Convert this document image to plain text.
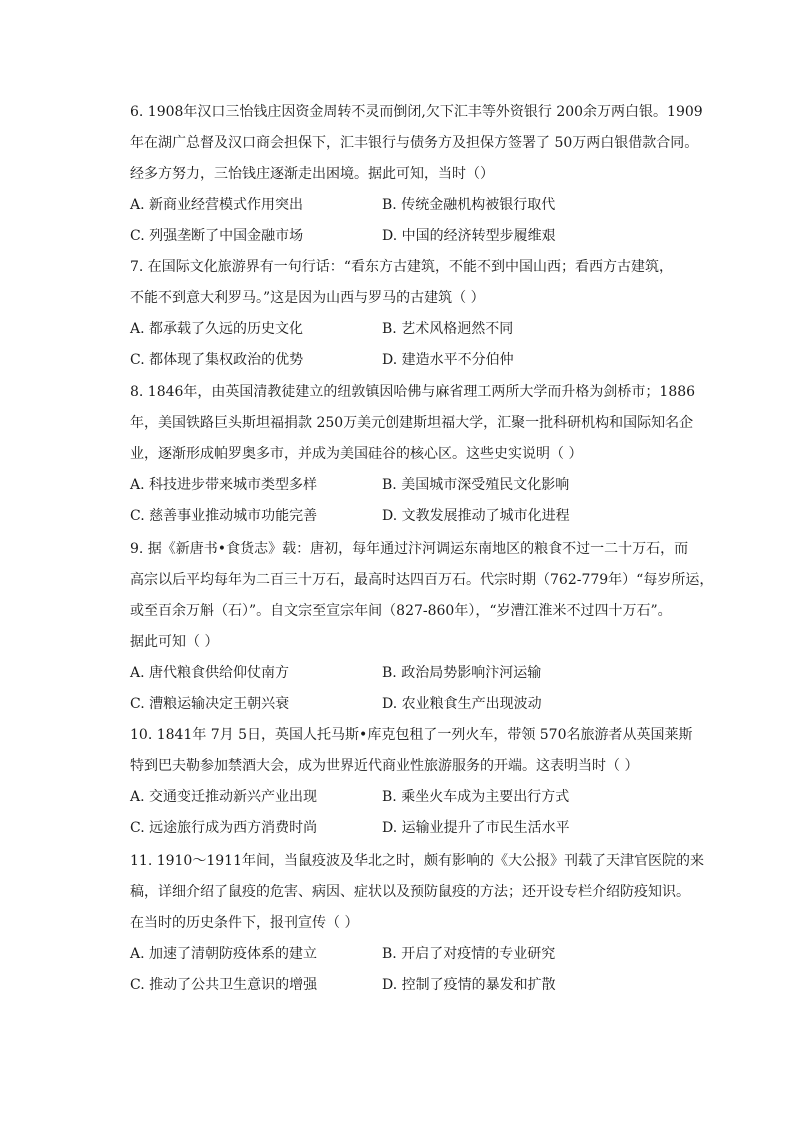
6. 1908年汉口三怡钱庄因资金周转不灵而倒闭,欠下汇丰等外资银行 200余万两白银。1909
年在湖广总督及汉口商会担保下，汇丰银行与债务方及担保方签署了 50万两白银借款合同。
经多方努力，三怡钱庄逐渐走出困境。据此可知，当时（）
A. 新商业经营模式作用突出	B. 传统金融机构被银行取代
C. 列强垄断了中国金融市场	D. 中国的经济转型步履维艰
7. 在国际文化旅游界有一句行话：“看东方古建筑，不能不到中国山西；看西方古建筑，
不能不到意大利罗马。”这是因为山西与罗马的古建筑（ ）
A. 都承载了久远的历史文化	B. 艺术风格迥然不同
C. 都体现了集权政治的优势	D. 建造水平不分伯仲
8. 1846年，由英国清教徒建立的纽敦镇因哈佛与麻省理工两所大学而升格为剑桥市；1886
年，美国铁路巨头斯坦福捐款 250万美元创建斯坦福大学，汇聚一批科研机构和国际知名企
业，逐渐形成帕罗奥多市，并成为美国硅谷的核心区。这些史实说明（ ）
A. 科技进步带来城市类型多样	B. 美国城市深受殖民文化影响
C. 慈善事业推动城市功能完善	D. 文教发展推动了城市化进程
9. 据《新唐书•食货志》载：唐初，每年通过汴河调运东南地区的粮食不过一二十万石，而
高宗以后平均每年为二百三十万石，最高时达四百万石。代宗时期（762-779年）“每岁所运，
或至百余万斛（石）”。自文宗至宣宗年间（827-860年），“岁漕江淮米不过四十万石”。
据此可知（ ）
A. 唐代粮食供给仰仗南方	B. 政治局势影响汴河运输
C. 漕粮运输决定王朝兴衰	D. 农业粮食生产出现波动
10. 1841年 7月 5日，英国人托马斯•库克包租了一列火车，带领 570名旅游者从英国莱斯
特到巴夫勒参加禁酒大会，成为世界近代商业性旅游服务的开端。这表明当时（ ）
A. 交通变迁推动新兴产业出现	B. 乘坐火车成为主要出行方式
C. 远途旅行成为西方消费时尚	D. 运输业提升了市民生活水平
11. 1910～1911年间，当鼠疫波及华北之时，颇有影响的《大公报》刊载了天津官医院的来
稿，详细介绍了鼠疫的危害、病因、症状以及预防鼠疫的方法；还开设专栏介绍防疫知识。
在当时的历史条件下，报刊宣传（ ）
A. 加速了清朝防疫体系的建立	B. 开启了对疫情的专业研究
C. 推动了公共卫生意识的增强	D. 控制了疫情的暴发和扩散
